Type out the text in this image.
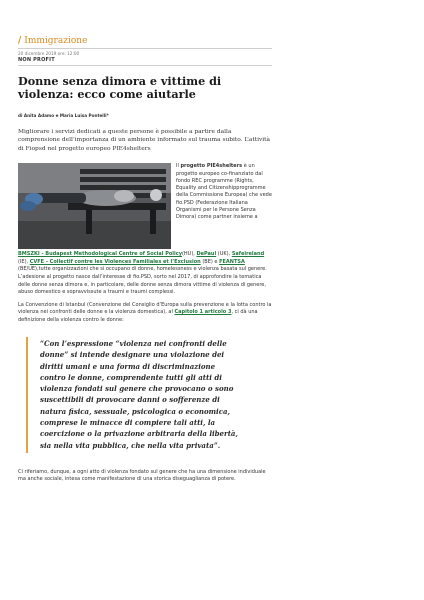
/ Immigrazione
20 dicembre 2019 ore: 12:00
NON PROFIT
Donne senza dimora e vittime di violenza: ecco come aiutarle
di Anita Adamo e Maria Luisa Pontelli*
Migliorare i servizi dedicati a queste persone è possibile a partire dalla comprensione dell’importanza di un ambiente informato sul trauma subito. L’attività di Fiopsd nel progetto europeo PIE4shelters
Il progetto PIE4shelters è un progetto europeo co-finanziato dal fondo REC programme (Rights, Equality and Citizenshipprogramme della Commissione Europea) che vede fio.PSD (Federazione Italiana Organismi per le Persone Senza Dimora) come partner insieme a
BMSZKI - Budapest Methodological Centre of Social Policy(HU), DePaul (UK), Safeireland (IE), CVFE - Collectif contre les Violences Familiales et l’Exclusion (BE) e FEANTSA (BE/UE),tutte organizzazioni che si occupano di donne, homelessness e violenza basata sul genere.
L’adesione al progetto nasce dall’interesse di fio.PSD, sorto nel 2017, di approfondire la tematica delle donne senza dimora e, in particolare, delle donne senza dimora vittime di violenza di genere, abuso domestico e sopravvissute a traumi e traumi complessi.
La Convenzione di Istanbul (Convenzione del Consiglio d’Europa sulla prevenzione e la lotta contro la violenza nei confronti delle donne e la violenza domestica), al Capitolo 1 articolo 3, ci dà una definizione della violenza contro le donne:
“Con l’espressione “violenza nei confronti delle donne” si intende designare una violazione dei diritti umani e una forma di discriminazione contro le donne, comprendente tutti gli atti di violenza fondati sul genere che provocano o sono suscettibili di provocare danni o sofferenze di natura fisica, sessuale, psicologica o economica, comprese le minacce di compiere tali atti, la coercizione o la privazione arbitraria della libertà, sia nella vita pubblica, che nella vita privata”.
Ci riferiamo, dunque, a ogni atto di violenza fondato sul genere che ha una dimensione individuale ma anche sociale, intesa come manifestazione di una storica diseguaglianza di potere.
